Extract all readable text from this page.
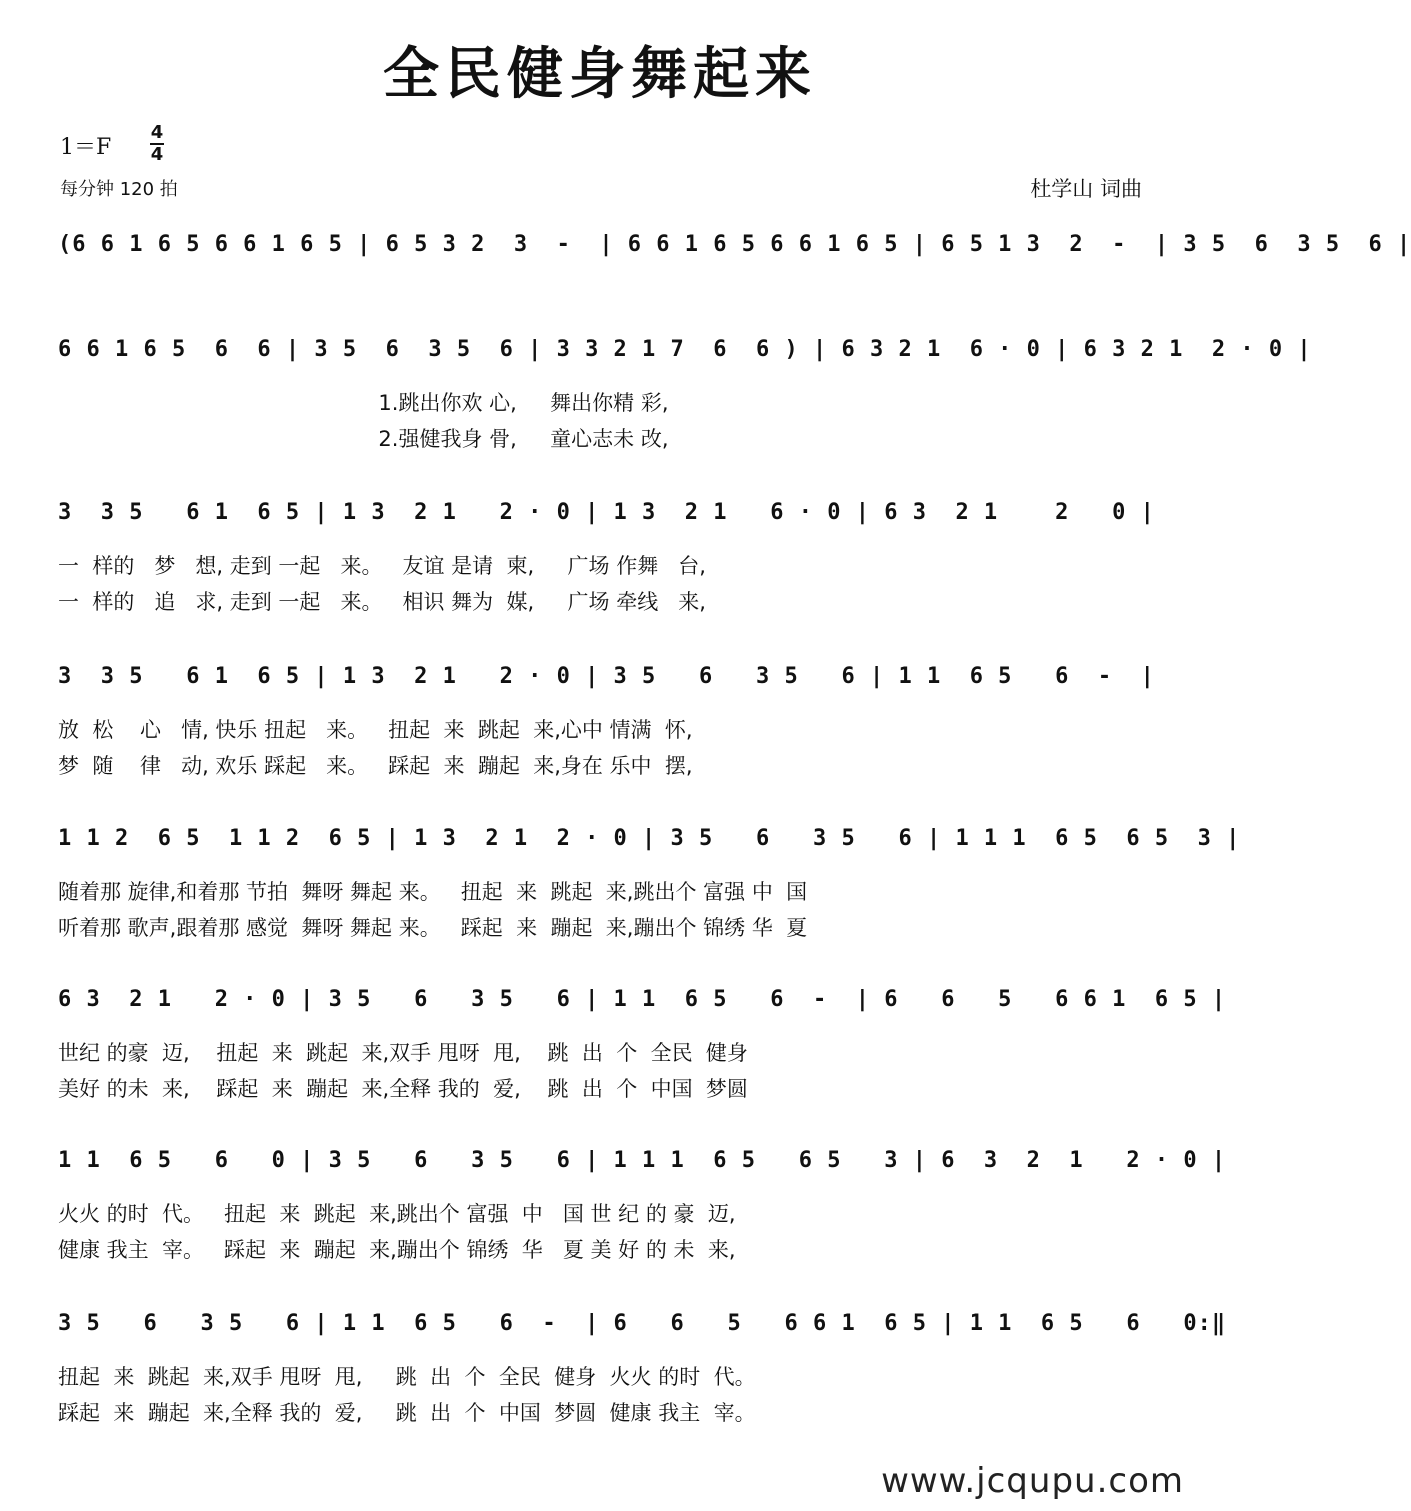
全民健身舞起来
1＝F
4
4
每分钟 120 拍	杜学山 词曲
(6 6 1 6 5 6 6 1 6 5 | 6 5 3 2  3  -  | 6 6 1 6 5 6 6 1 6 5 | 6 5 1 3  2  -  | 3 5  6  3 5  6 |
6 6 1 6 5  6  6 | 3 5  6  3 5  6 | 3 3 2 1 7  6  6 ) | 6 3 2 1  6 · 0 | 6 3 2 1  2 · 0 |
1.跳出你欢 心,     舞出你精 彩,
2.强健我身 骨,     童心志未 改,
3  3 5   6 1  6 5 | 1 3  2 1   2 · 0 | 1 3  2 1   6 · 0 | 6 3  2 1    2   0 |
一  样的   梦   想, 走到 一起   来。   友谊 是请  柬,     广场 作舞   台,
一  样的   追   求, 走到 一起   来。   相识 舞为  媒,     广场 牵线   来,
3  3 5   6 1  6 5 | 1 3  2 1   2 · 0 | 3 5   6   3 5   6 | 1 1  6 5   6  -  |
放  松    心   情, 快乐 扭起   来。   扭起  来  跳起  来,心中 情满  怀,
梦  随    律   动, 欢乐 踩起   来。   踩起  来  蹦起  来,身在 乐中  摆,
1 1 2  6 5  1 1 2  6 5 | 1 3  2 1  2 · 0 | 3 5   6   3 5   6 | 1 1 1  6 5  6 5  3 |
随着那 旋律,和着那 节拍  舞呀 舞起 来。   扭起  来  跳起  来,跳出个 富强 中  国
听着那 歌声,跟着那 感觉  舞呀 舞起 来。   踩起  来  蹦起  来,蹦出个 锦绣 华  夏
6 3  2 1   2 · 0 | 3 5   6   3 5   6 | 1 1  6 5   6  -  | 6   6   5   6 6 1  6 5 |
世纪 的豪  迈,    扭起  来  跳起  来,双手 甩呀  甩,    跳  出  个  全民  健身
美好 的未  来,    踩起  来  蹦起  来,全释 我的  爱,    跳  出  个  中国  梦圆
1 1  6 5   6   0 | 3 5   6   3 5   6 | 1 1 1  6 5   6 5   3 | 6  3  2  1   2 · 0 |
火火 的时  代。   扭起  来  跳起  来,跳出个 富强  中   国 世 纪 的 豪  迈,
健康 我主  宰。   踩起  来  蹦起  来,蹦出个 锦绣  华   夏 美 好 的 未  来,
3 5   6   3 5   6 | 1 1  6 5   6  -  | 6   6   5   6 6 1  6 5 | 1 1  6 5   6   0:‖
扭起  来  跳起  来,双手 甩呀  甩,     跳  出  个  全民  健身  火火 的时  代。
踩起  来  蹦起  来,全释 我的  爱,     跳  出  个  中国  梦圆  健康 我主  宰。
www.jcqupu.com
